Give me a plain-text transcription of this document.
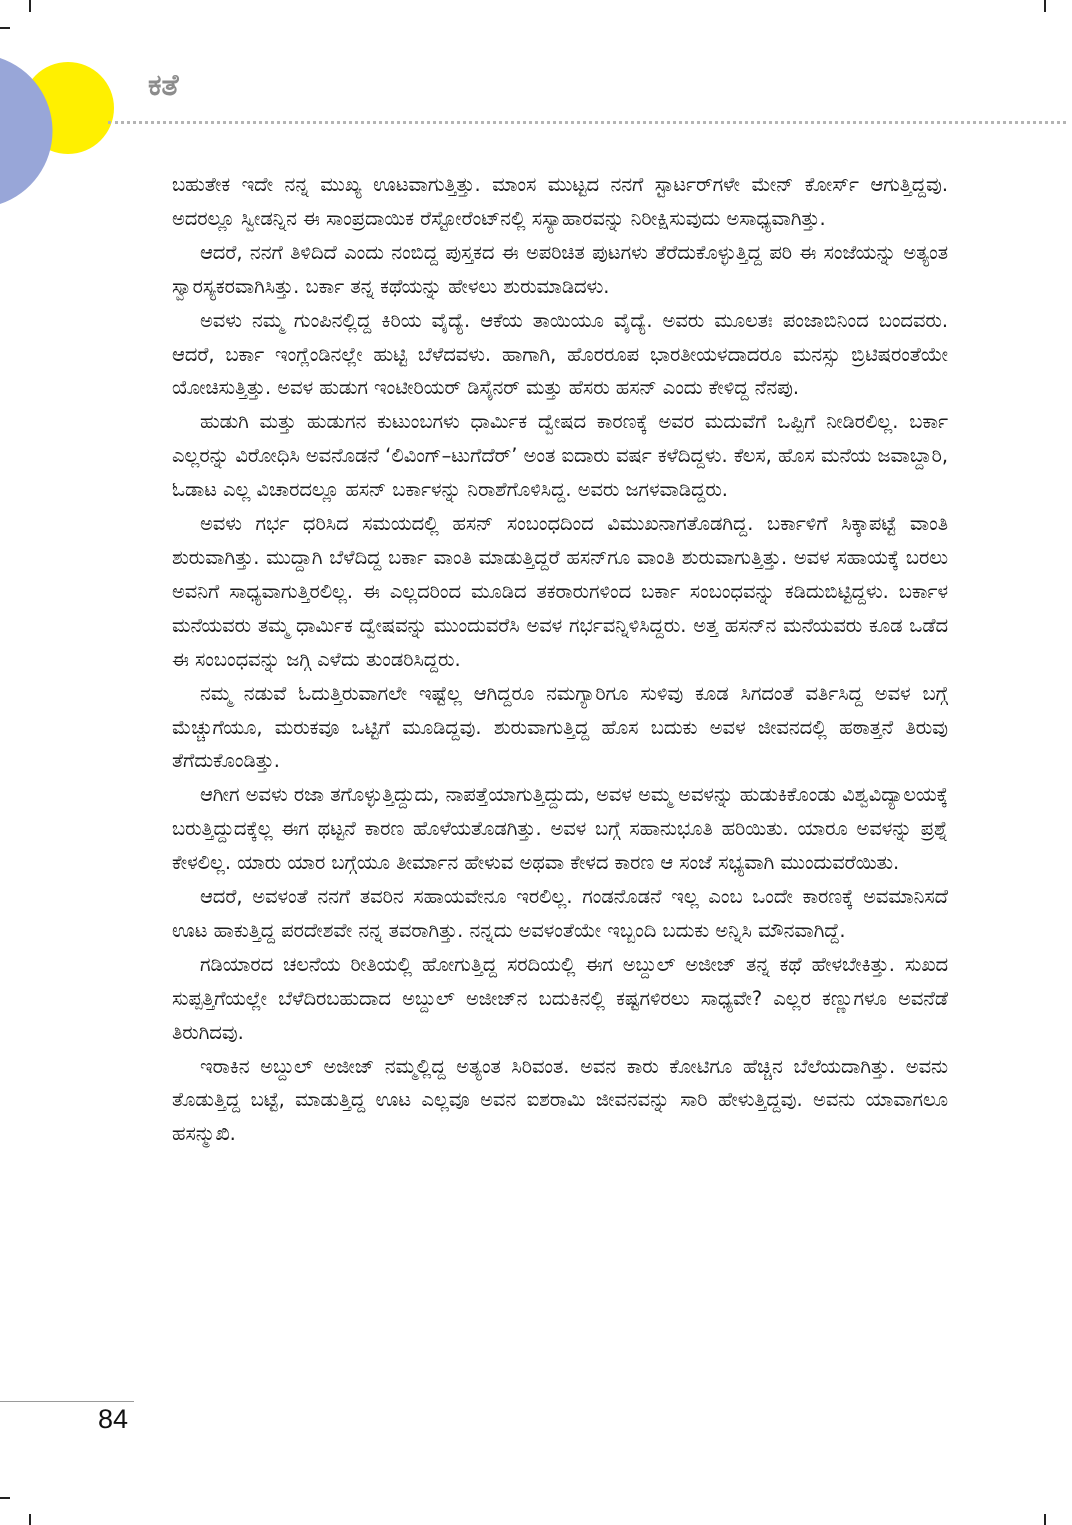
ಕತೆ

ಬಹುತೇಕ ಇದೇ ನನ್ನ ಮುಖ್ಯ ಊಟವಾಗುತ್ತಿತ್ತು. ಮಾಂಸ ಮುಟ್ಟದ ನನಗೆ ಸ್ಟಾರ್ಟರ್‌ಗಳೇ ಮೇನ್ ಕೋರ್ಸ್ ಆಗುತ್ತಿದ್ದವು. ಅದರಲ್ಲೂ ಸ್ವೀಡನ್ನಿನ ಈ ಸಾಂಪ್ರದಾಯಿಕ ರೆಸ್ಟೋರೆಂಟ್‌ನಲ್ಲಿ ಸಸ್ಯಾಹಾರವನ್ನು ನಿರೀಕ್ಷಿಸುವುದು ಅಸಾಧ್ಯವಾಗಿತ್ತು.

ಆದರೆ, ನನಗೆ ತಿಳಿದಿದೆ ಎಂದು ನಂಬಿದ್ದ ಪುಸ್ತಕದ ಈ ಅಪರಿಚಿತ ಪುಟಗಳು ತೆರೆದುಕೊಳ್ಳುತ್ತಿದ್ದ ಪರಿ ಈ ಸಂಜೆಯನ್ನು ಅತ್ಯಂತ ಸ್ವಾರಸ್ಯಕರವಾಗಿಸಿತ್ತು. ಬರ್ಕಾ ತನ್ನ ಕಥೆಯನ್ನು ಹೇಳಲು ಶುರುಮಾಡಿದಳು.

ಅವಳು ನಮ್ಮ ಗುಂಪಿನಲ್ಲಿದ್ದ ಕಿರಿಯ ವೈದ್ಯೆ. ಆಕೆಯ ತಾಯಿಯೂ ವೈದ್ಯೆ. ಅವರು ಮೂಲತಃ ಪಂಜಾಬಿನಿಂದ ಬಂದವರು. ಆದರೆ, ಬರ್ಕಾ ಇಂಗ್ಲೆಂಡಿನಲ್ಲೇ ಹುಟ್ಟಿ ಬೆಳೆದವಳು. ಹಾಗಾಗಿ, ಹೊರರೂಪ ಭಾರತೀಯಳದಾದರೂ ಮನಸ್ಸು ಬ್ರಿಟಿಷರಂತೆಯೇ ಯೋಚಿಸುತ್ತಿತ್ತು. ಅವಳ ಹುಡುಗ ಇಂಟೀರಿಯರ್ ಡಿಸೈನರ್ ಮತ್ತು ಹೆಸರು ಹಸನ್ ಎಂದು ಕೇಳಿದ್ದ ನೆನಪು.

ಹುಡುಗಿ ಮತ್ತು ಹುಡುಗನ ಕುಟುಂಬಗಳು ಧಾರ್ಮಿಕ ದ್ವೇಷದ ಕಾರಣಕ್ಕೆ ಅವರ ಮದುವೆಗೆ ಒಪ್ಪಿಗೆ ನೀಡಿರಲಿಲ್ಲ. ಬರ್ಕಾ ಎಲ್ಲರನ್ನು ವಿರೋಧಿಸಿ ಅವನೊಡನೆ ‘ಲಿವಿಂಗ್–ಟುಗೆದೆರ್’ ಅಂತ ಐದಾರು ವರ್ಷ ಕಳೆದಿದ್ದಳು. ಕೆಲಸ, ಹೊಸ ಮನೆಯ ಜವಾಬ್ದಾರಿ, ಓಡಾಟ ಎಲ್ಲ ವಿಚಾರದಲ್ಲೂ ಹಸನ್ ಬರ್ಕಾಳನ್ನು ನಿರಾಶೆಗೊಳಿಸಿದ್ದ. ಅವರು ಜಗಳವಾಡಿದ್ದರು.

ಅವಳು ಗರ್ಭ ಧರಿಸಿದ ಸಮಯದಲ್ಲಿ ಹಸನ್ ಸಂಬಂಧದಿಂದ ವಿಮುಖನಾಗತೊಡಗಿದ್ದ. ಬರ್ಕಾಳಿಗೆ ಸಿಕ್ಕಾಪಟ್ಟೆ ವಾಂತಿ ಶುರುವಾಗಿತ್ತು. ಮುದ್ದಾಗಿ ಬೆಳೆದಿದ್ದ ಬರ್ಕಾ ವಾಂತಿ ಮಾಡುತ್ತಿದ್ದರೆ ಹಸನ್‌ಗೂ ವಾಂತಿ ಶುರುವಾಗುತ್ತಿತ್ತು. ಅವಳ ಸಹಾಯಕ್ಕೆ ಬರಲು ಅವನಿಗೆ ಸಾಧ್ಯವಾಗುತ್ತಿರಲಿಲ್ಲ. ಈ ಎಲ್ಲದರಿಂದ ಮೂಡಿದ ತಕರಾರುಗಳಿಂದ ಬರ್ಕಾ ಸಂಬಂಧವನ್ನು ಕಡಿದುಬಿಟ್ಟಿದ್ದಳು. ಬರ್ಕಾಳ ಮನೆಯವರು ತಮ್ಮ ಧಾರ್ಮಿಕ ದ್ವೇಷವನ್ನು ಮುಂದುವರೆಸಿ ಅವಳ ಗರ್ಭವನ್ನಿಳಿಸಿದ್ದರು. ಅತ್ತ ಹಸನ್‌ನ ಮನೆಯವರು ಕೂಡ ಒಡೆದ ಈ ಸಂಬಂಧವನ್ನು ಜಗ್ಗಿ ಎಳೆದು ತುಂಡರಿಸಿದ್ದರು.

ನಮ್ಮ ನಡುವೆ ಓದುತ್ತಿರುವಾಗಲೇ ಇಷ್ಟೆಲ್ಲ ಆಗಿದ್ದರೂ ನಮಗ್ಯಾರಿಗೂ ಸುಳಿವು ಕೂಡ ಸಿಗದಂತೆ ವರ್ತಿಸಿದ್ದ ಅವಳ ಬಗ್ಗೆ ಮೆಚ್ಚುಗೆಯೂ, ಮರುಕವೂ ಒಟ್ಟಿಗೆ ಮೂಡಿದ್ದವು. ಶುರುವಾಗುತ್ತಿದ್ದ ಹೊಸ ಬದುಕು ಅವಳ ಜೀವನದಲ್ಲಿ ಹಠಾತ್ತನೆ ತಿರುವು ತೆಗೆದುಕೊಂಡಿತ್ತು.

ಆಗೀಗ ಅವಳು ರಜಾ ತಗೊಳ್ಳುತ್ತಿದ್ದುದು, ನಾಪತ್ತೆಯಾಗುತ್ತಿದ್ದುದು, ಅವಳ ಅಮ್ಮ ಅವಳನ್ನು ಹುಡುಕಿಕೊಂಡು ವಿಶ್ವವಿದ್ಯಾಲಯಕ್ಕೆ ಬರುತ್ತಿದ್ದುದಕ್ಕೆಲ್ಲ ಈಗ ಥಟ್ಟನೆ ಕಾರಣ ಹೊಳೆಯತೊಡಗಿತ್ತು. ಅವಳ ಬಗ್ಗೆ ಸಹಾನುಭೂತಿ ಹರಿಯಿತು. ಯಾರೂ ಅವಳನ್ನು ಪ್ರಶ್ನೆ ಕೇಳಲಿಲ್ಲ. ಯಾರು ಯಾರ ಬಗ್ಗೆಯೂ ತೀರ್ಮಾನ ಹೇಳುವ ಅಥವಾ ಕೇಳದ ಕಾರಣ ಆ ಸಂಜೆ ಸಭ್ಯವಾಗಿ ಮುಂದುವರೆಯಿತು.

ಆದರೆ, ಅವಳಂತೆ ನನಗೆ ತವರಿನ ಸಹಾಯವೇನೂ ಇರಲಿಲ್ಲ. ಗಂಡನೊಡನೆ ಇಲ್ಲ ಎಂಬ ಒಂದೇ ಕಾರಣಕ್ಕೆ ಅವಮಾನಿಸದೆ ಊಟ ಹಾಕುತ್ತಿದ್ದ ಪರದೇಶವೇ ನನ್ನ ತವರಾಗಿತ್ತು. ನನ್ನದು ಅವಳಂತೆಯೇ ಇಬ್ಬಂದಿ ಬದುಕು ಅನ್ನಿಸಿ ಮೌನವಾಗಿದ್ದೆ.

ಗಡಿಯಾರದ ಚಲನೆಯ ರೀತಿಯಲ್ಲಿ ಹೋಗುತ್ತಿದ್ದ ಸರದಿಯಲ್ಲಿ ಈಗ ಅಬ್ದುಲ್ ಅಜೀಜ್ ತನ್ನ ಕಥೆ ಹೇಳಬೇಕಿತ್ತು. ಸುಖದ ಸುಪ್ಪತ್ತಿಗೆಯಲ್ಲೇ ಬೆಳೆದಿರಬಹುದಾದ ಅಬ್ದುಲ್ ಅಜೀಜ್‌ನ ಬದುಕಿನಲ್ಲಿ ಕಷ್ಟಗಳಿರಲು ಸಾಧ್ಯವೇ? ಎಲ್ಲರ ಕಣ್ಣುಗಳೂ ಅವನೆಡೆ ತಿರುಗಿದವು.

ಇರಾಕಿನ ಅಬ್ದುಲ್ ಅಜೀಜ್ ನಮ್ಮಲ್ಲಿದ್ದ ಅತ್ಯಂತ ಸಿರಿವಂತ. ಅವನ ಕಾರು ಕೋಟಿಗೂ ಹೆಚ್ಚಿನ ಬೆಲೆಯದಾಗಿತ್ತು. ಅವನು ತೊಡುತ್ತಿದ್ದ ಬಟ್ಟೆ, ಮಾಡುತ್ತಿದ್ದ ಊಟ ಎಲ್ಲವೂ ಅವನ ಐಶರಾಮಿ ಜೀವನವನ್ನು ಸಾರಿ ಹೇಳುತ್ತಿದ್ದವು. ಅವನು ಯಾವಾಗಲೂ ಹಸನ್ಮುಖಿ.

84
